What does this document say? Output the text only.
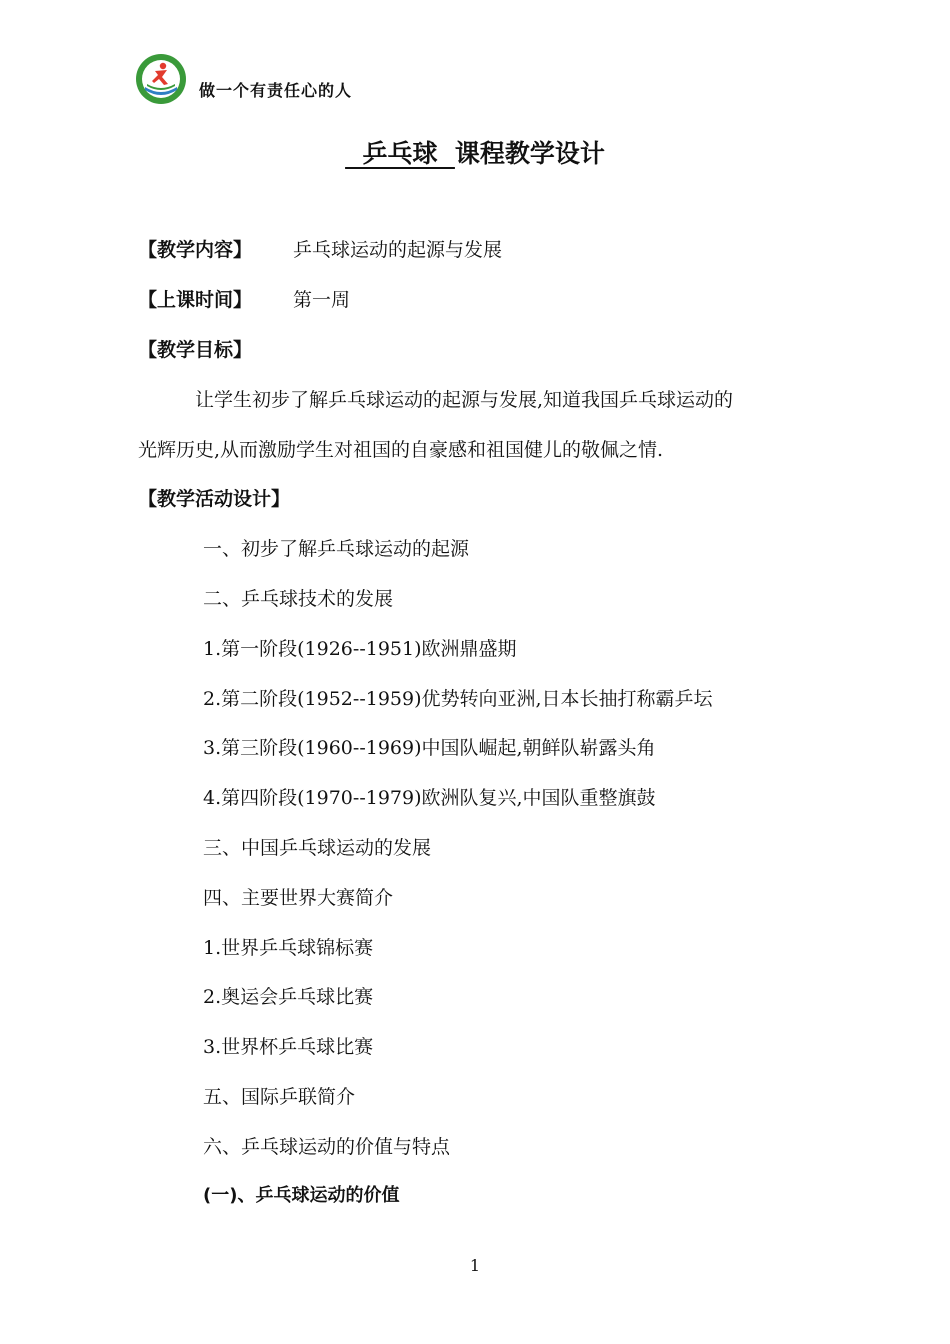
做一个有责任心的人
乒乓球  课程教学设计
【教学内容】 乒乓球运动的起源与发展
【上课时间】 第一周
【教学目标】
让学生初步了解乒乓球运动的起源与发展,知道我国乒乓球运动的
光辉历史,从而激励学生对祖国的自豪感和祖国健儿的敬佩之情.
【教学活动设计】
一、初步了解乒乓球运动的起源
二、乒乓球技术的发展
1.第一阶段(1926--1951)欧洲鼎盛期
2.第二阶段(1952--1959)优势转向亚洲,日本长抽打称霸乒坛
3.第三阶段(1960--1969)中国队崛起,朝鲜队崭露头角
4.第四阶段(1970--1979)欧洲队复兴,中国队重整旗鼓
三、中国乒乓球运动的发展
四、主要世界大赛简介
1.世界乒乓球锦标赛
2.奥运会乒乓球比赛
3.世界杯乒乓球比赛
五、国际乒联简介
六、乒乓球运动的价值与特点
(一)、乒乓球运动的价值
1
